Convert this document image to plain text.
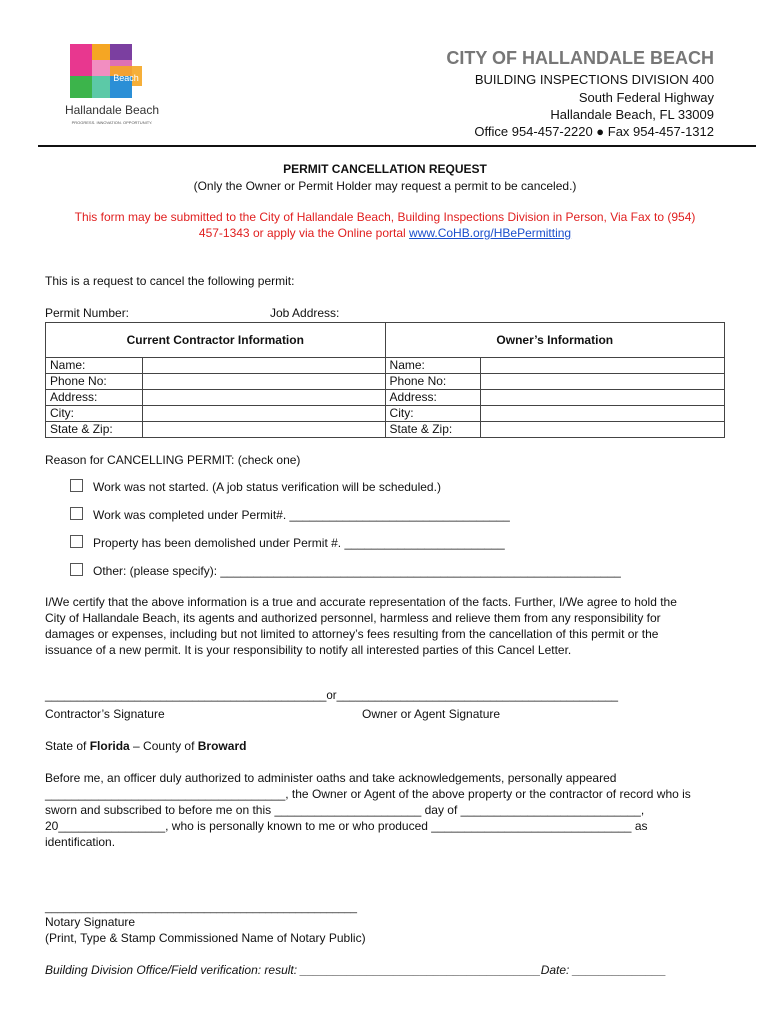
Beach
Hallandale Beach
PROGRESS. INNOVATION. OPPORTUNITY.
CITY OF HALLANDALE BEACH
BUILDING INSPECTIONS DIVISION 400
South Federal Highway
Hallandale Beach, FL 33009
Office 954-457-2220 ● Fax 954-457-1312
PERMIT CANCELLATION REQUEST
(Only the Owner or Permit Holder may request a permit to be canceled.)
This form may be submitted to the City of Hallandale Beach, Building Inspections Division in Person, Via Fax to (954)
457-1343 or apply via the Online portal www.CoHB.org/HBePermitting
This is a request to cancel the following permit:
Permit Number:	Job Address:
Current Contractor Information		Owner’s Information	
Name:		Name:	
Phone No:		Phone No:	
Address:		Address:	
City:		City:	
State & Zip:		State & Zip:	
Reason for CANCELLING PERMIT: (check one)
Work was not started. (A job status verification will be scheduled.)
Work was completed under Permit#. _________________________________
Property has been demolished under Permit #. ________________________
Other: (please specify): ____________________________________________________________
I/We certify that the above information is a true and accurate representation of the facts. Further, I/We agree to hold the
City of Hallandale Beach, its agents and authorized personnel, harmless and relieve them from any responsibility for
damages or expenses, including but not limited to attorney’s fees resulting from the cancellation of this permit or the
issuance of a new permit. It is your responsibility to notify all interested parties of this Cancel Letter.
____________________________________________or____________________________________________
Contractor’s Signature	Owner or Agent Signature
State of Florida – County of Broward
Before me, an officer duly authorized to administer oaths and take acknowledgements, personally appeared
____________________________________, the Owner or Agent of the above property or the contractor of record who is
sworn and subscribed to before me on this ______________________ day of ___________________________,
20________________, who is personally known to me or who produced ______________________________ as
identification.
___________________________________________________
Notary Signature
(Print, Type & Stamp Commissioned Name of Notary Public)
Building Division Office/Field verification: result: ____________________________________Date: ______________
